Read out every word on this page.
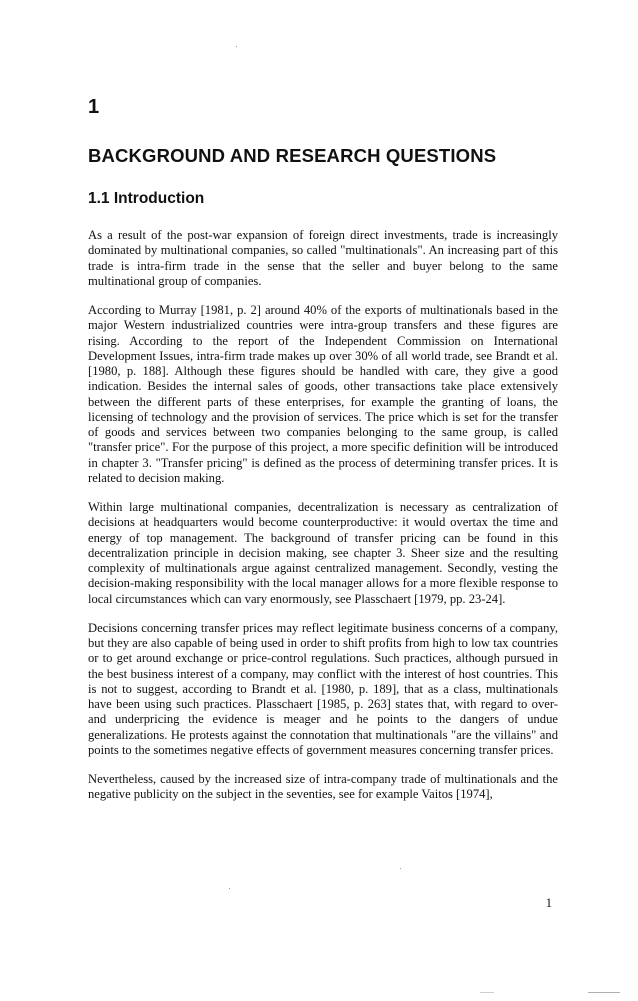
1
BACKGROUND AND RESEARCH QUESTIONS
1.1 Introduction

As a result of the post-war expansion of foreign direct investments, trade is increasingly dominated by multinational companies, so called "multinationals". An increasing part of this trade is intra-firm trade in the sense that the seller and buyer belong to the same multinational group of companies.

According to Murray [1981, p. 2] around 40% of the exports of multinationals based in the major Western industrialized countries were intra-group transfers and these figures are rising. According to the report of the Independent Commission on International Development Issues, intra-firm trade makes up over 30% of all world trade, see Brandt et al. [1980, p. 188]. Although these figures should be handled with care, they give a good indication. Besides the internal sales of goods, other transactions take place extensively between the different parts of these enterprises, for example the granting of loans, the licensing of technology and the provision of services. The price which is set for the transfer of goods and services between two companies belonging to the same group, is called "transfer price". For the purpose of this project, a more specific definition will be introduced in chapter 3. "Transfer pricing" is defined as the process of determining transfer prices. It is related to decision making.

Within large multinational companies, decentralization is necessary as centralization of decisions at headquarters would become counterproductive: it would overtax the time and energy of top management. The background of transfer pricing can be found in this decentralization principle in decision making, see chapter 3. Sheer size and the resulting complexity of multinationals argue against centralized management. Secondly, vesting the decision-making responsibility with the local manager allows for a more flexible response to local circumstances which can vary enormously, see Plasschaert [1979, pp. 23-24].

Decisions concerning transfer prices may reflect legitimate business concerns of a company, but they are also capable of being used in order to shift profits from high to low tax countries or to get around exchange or price-control regulations. Such practices, although pursued in the best business interest of a company, may conflict with the interest of host countries. This is not to suggest, according to Brandt et al. [1980, p. 189], that as a class, multinationals have been using such practices. Plasschaert [1985, p. 263] states that, with regard to over- and underpricing the evidence is meager and he points to the dangers of undue generalizations. He protests against the connotation that multinationals "are the villains" and points to the sometimes negative effects of government measures concerning transfer prices.

Nevertheless, caused by the increased size of intra-company trade of multinationals and the negative publicity on the subject in the seventies, see for example Vaitos [1974],

1
